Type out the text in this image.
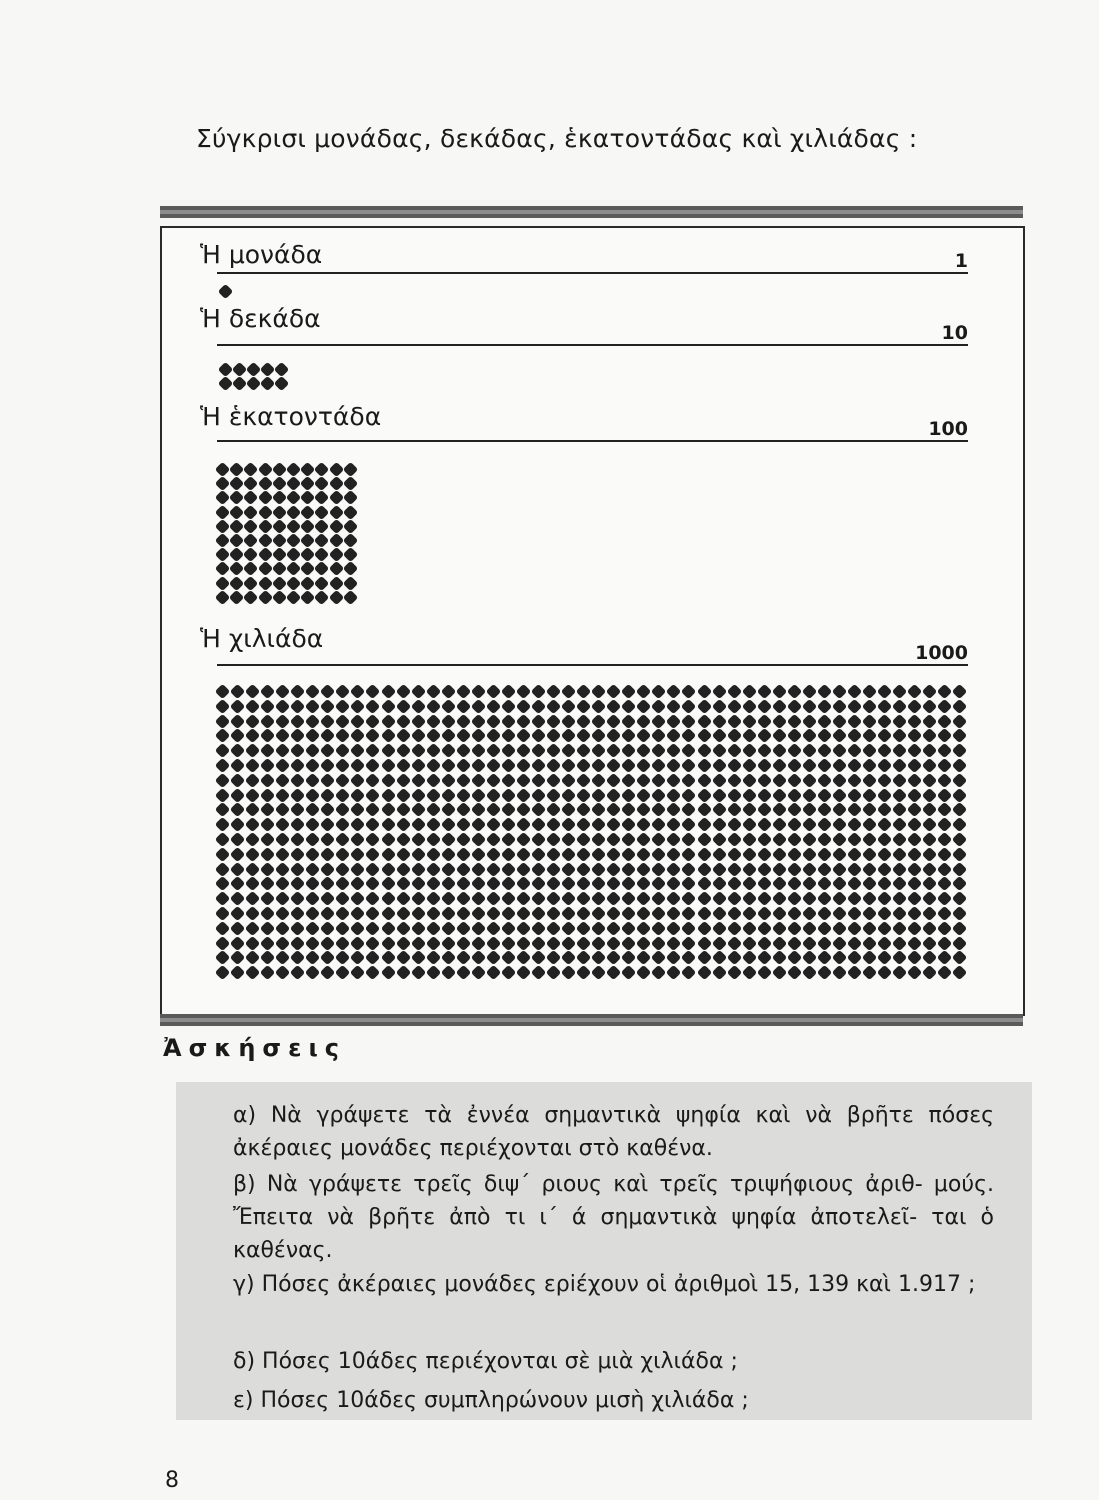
Σύγκρισι μονάδας, δεκάδας, ἑκατοντάδας καὶ χιλιάδας :
Ἡ μονάδα	1
Ἡ δεκάδα	10
Ἡ ἑκατοντάδα	100
Ἡ χιλιάδα	1000
Ἀσκήσεις
α) Νὰ γράψετε τὰ ἐννέα σημαντικὰ ψηφία καὶ νὰ βρῆτε πόσες ἀκέραιες μονάδες περιέχονται στὸ καθένα.
β) Νὰ γράψετε τρεῖς διψ´ ριους καὶ τρεῖς τριψήφιους ἀριθ- μούς. Ἔπειτα νὰ βρῆτε ἀπὸ τι ι´ ά σημαντικὰ ψηφία ἀποτελεῖ- ται ὁ καθένας.
γ) Πόσες ἀκέραιες μονάδες ερiέχουν οἱ ἀριθμοὶ 15, 139 καὶ 1.917 ;
δ) Πόσες 10άδες περιέχονται σὲ μιὰ χιλιάδα ;
ε) Πόσες 10άδες συμπληρώνουν μισὴ χιλιάδα ;
8
